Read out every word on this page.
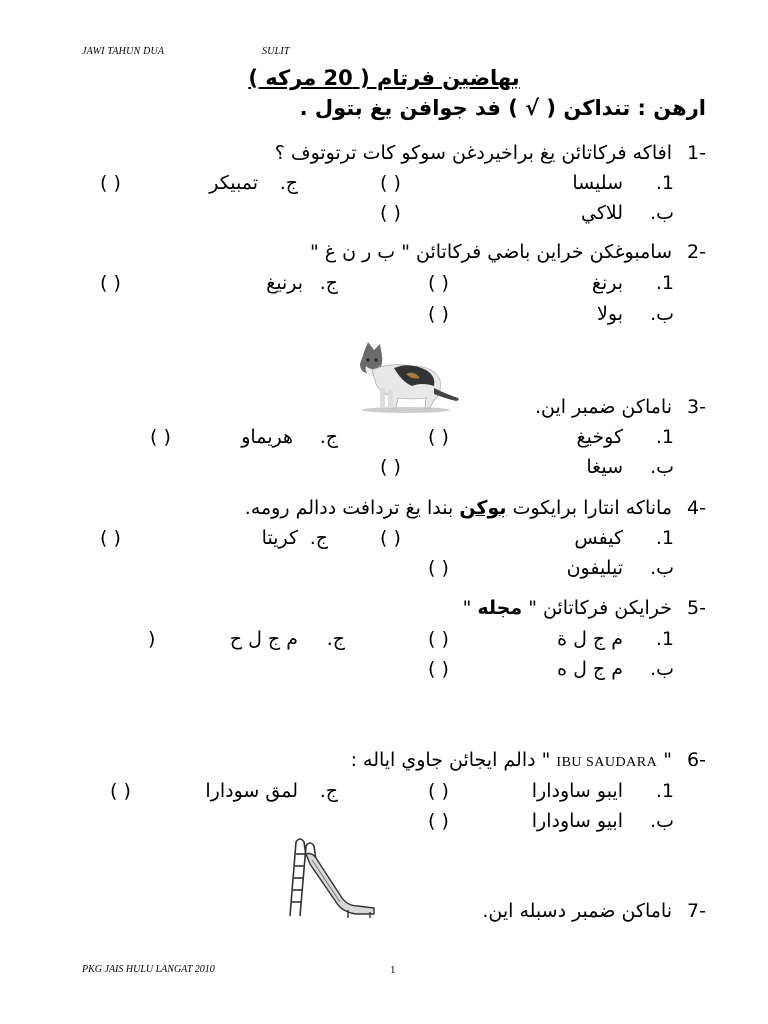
JAWI TAHUN DUA	SULIT
بهاضين فرتام ( 20 مركه )
ارهن : تنداكن ( √ ) فد جوافن يغ بتول .
1-
افاكه فركاتائن يغ براخيردغن سوكو كات ترتوتوف ؟
1.
سليسا
( )
ج.
تمبيكر
( )
ب.
للاكي
( )
2-
سامبوغكن خراين باضي فركاتائن " ب ر ن غ "
1.
برنغ
( )
ج.
برنيغ
( )
ب.
بولا
( )
3-
ناماكن ضمبر اين.
1.
كوخيغ
( )
ج.
هريماو
( )
ب.
سيغا
( )
4-
ماناكه انتارا برايكوت بوكن بندا يغ تردافت ددالم رومه.
1.
كيفس
( )
ج.
كريتا
( )
ب.
تيليفون
( )
5-
خرايكن فركاتائن " مجله "
1.
م ج ل ة
( )
ج.
م ج ل ح
)
ب.
م ج ل ه
( )
6-
" IBU SAUDARA " دالم ايجائن جاوي اياله :
1.
ايبو ساودارا
( )
ج.
لمق سودارا
( )
ب.
ابيو ساودارا
( )
7-
ناماكن ضمبر دسبله اين.
PKG JAIS HULU LANGAT 2010	1
